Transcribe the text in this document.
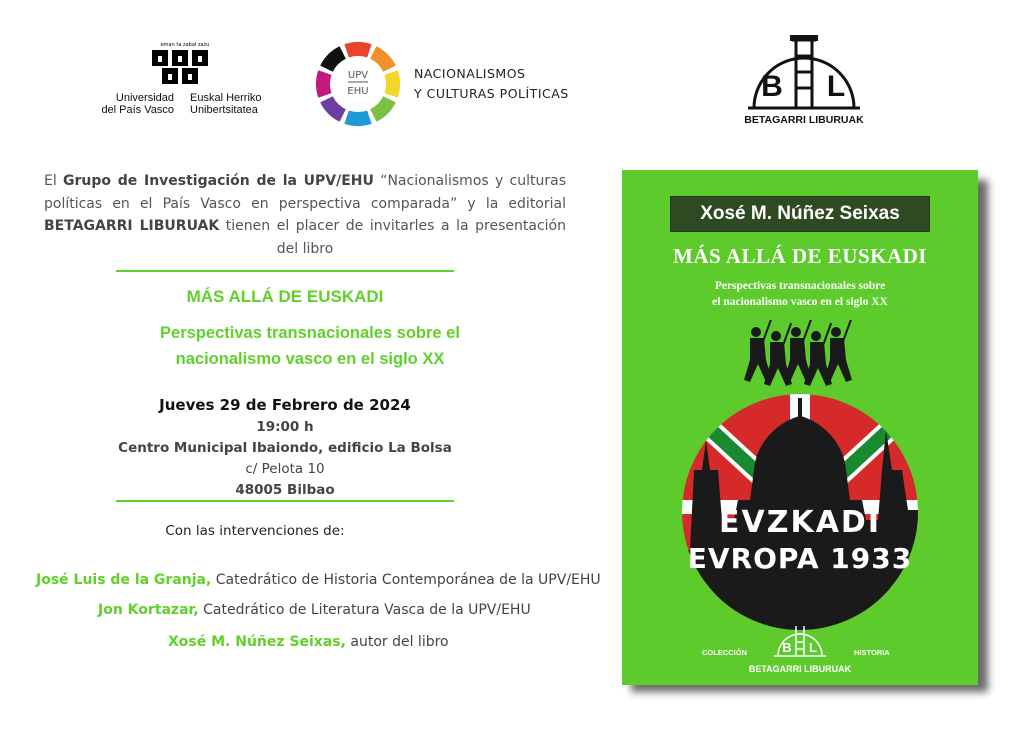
eman ta zabal zazu
Universidad
del País Vasco
Euskal Herriko
Unibertsitatea
UPV
EHU
NACIONALISMOS
Y CULTURAS POLÍTICAS	B L
BETAGARRI LIBURUAK
El Grupo de Investigación de la UPV/EHU “Nacionalismos y culturas políticas en el País Vasco en perspectiva comparada” y la editorial BETAGARRI LIBURUAK tienen el placer de invitarles a la presentación del libro
MÁS ALLÁ DE EUSKADI
Perspectivas transnacionales sobre el
nacionalismo vasco en el siglo XX
Jueves 29 de Febrero de 2024
19:00 h
Centro Municipal Ibaiondo, edificio La Bolsa
c/ Pelota 10
48005 Bilbao
Con las intervenciones de:
José Luis de la Granja, Catedrático de Historia Contemporánea de la UPV/EHU
Jon Kortazar, Catedrático de Literatura Vasca de la UPV/EHU
Xosé M. Núñez Seixas, autor del libro
Xosé M. Núñez Seixas
MÁS ALLÁ DE EUSKADI
Perspectivas transnacionales sobre
el nacionalismo vasco en el siglo XX
EVZKADI
EVROPA 1933
B L
COLECCIÓN	HISTORIA
BETAGARRI LIBURUAK
